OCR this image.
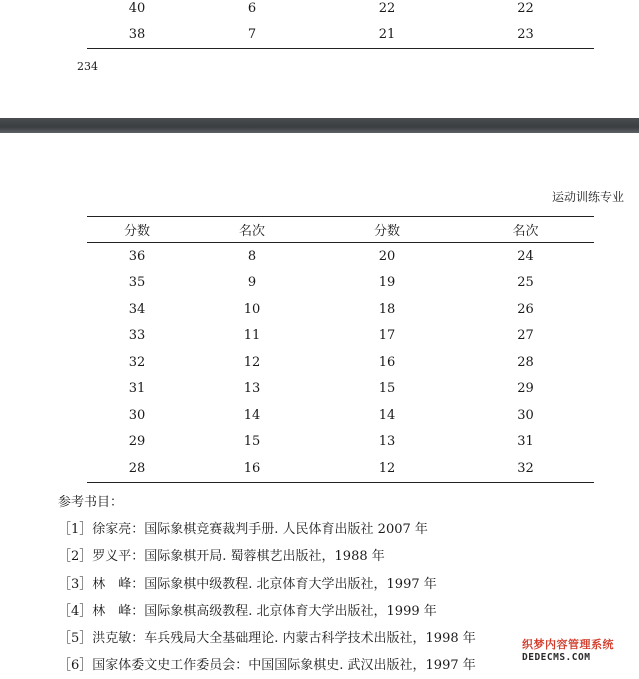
40	6	22	22
38	7	21	23
234
运动训练专业
分数	名次	分数	名次
36	8	20	24
35	9	19	25
34	10	18	26
33	11	17	27
32	12	16	28
31	13	15	29
30	14	14	30
29	15	13	31
28	16	12	32
参考书目：
［1］徐家亮：国际象棋竞赛裁判手册. 人民体育出版社 2007 年
［2］罗义平：国际象棋开局. 蜀蓉棋艺出版社，1988 年
［3］林　峰：国际象棋中级教程. 北京体育大学出版社，1997 年
［4］林　峰：国际象棋高级教程. 北京体育大学出版社，1999 年
［5］洪克敏：车兵残局大全基础理论. 内蒙古科学技术出版社，1998 年
［6］国家体委文史工作委员会：中国国际象棋史. 武汉出版社，1997 年
织梦内容管理系统
DEDECMS.COM
